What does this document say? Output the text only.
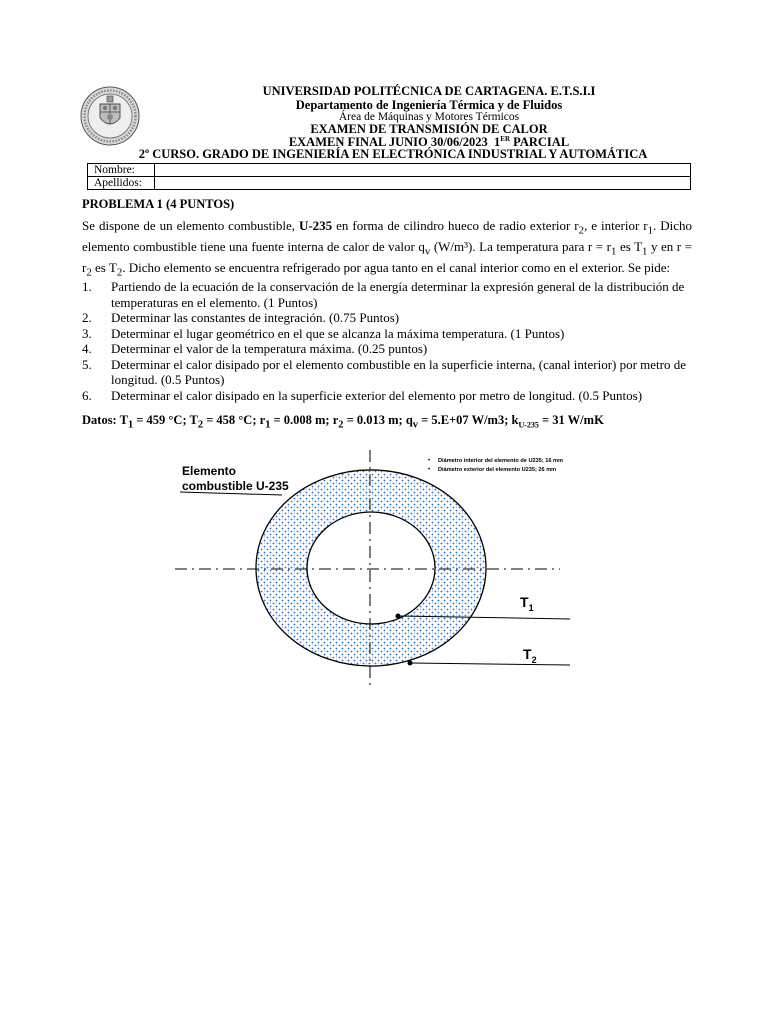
UNIVERSIDAD POLITÉCNICA DE CARTAGENA. E.T.S.I.I
Departamento de Ingeniería Térmica y de Fluidos
Área de Máquinas y Motores Térmicos
EXAMEN DE TRANSMISIÓN DE CALOR
EXAMEN FINAL JUNIO 30/06/2023 1ER PARCIAL
2º CURSO. GRADO DE INGENIERÍA EN ELECTRÓNICA INDUSTRIAL Y AUTOMÁTICA
Nombre:	
Apellidos:	
PROBLEMA 1 (4 PUNTOS)
Se dispone de un elemento combustible, U-235 en forma de cilindro hueco de radio exterior $r_2$, e interior $r_1$. Dicho elemento combustible tiene una fuente interna de calor de valor $q_v$ (W/m³). La temperatura para $r = r_1$ es $T_1$ y en $r = r_2$ es $T_2$. Dicho elemento se encuentra refrigerado por agua tanto en el canal interior como en el exterior. Se pide:
1. Partiendo de la ecuación de la conservación de la energía determinar la expresión general de la distribución de temperaturas en el elemento. (1 Puntos)
2. Determinar las constantes de integración. (0.75 Puntos)
3. Determinar el lugar geométrico en el que se alcanza la máxima temperatura. (1 Puntos)
4. Determinar el valor de la temperatura máxima. (0.25 puntos)
5. Determinar el calor disipado por el elemento combustible en la superficie interna, (canal interior) por metro de longitud. (0.5 Puntos)
6. Determinar el calor disipado en la superficie exterior del elemento por metro de longitud. (0.5 Puntos)
Datos: $T_1 = 459$ °C; $T_2 = 458$ °C; $r_1 = 0.008$ m; $r_2 = 0.013$ m; $q_v = 5.E+07$ W/m3; $k_{U-235} = 31$ W/mK
Elemento
combustible U-235
• Diámetro interior del elemento de U235; 16 mm
• Diámetro exterior del elemento U235; 26 mm
$T_1$
$T_2$
